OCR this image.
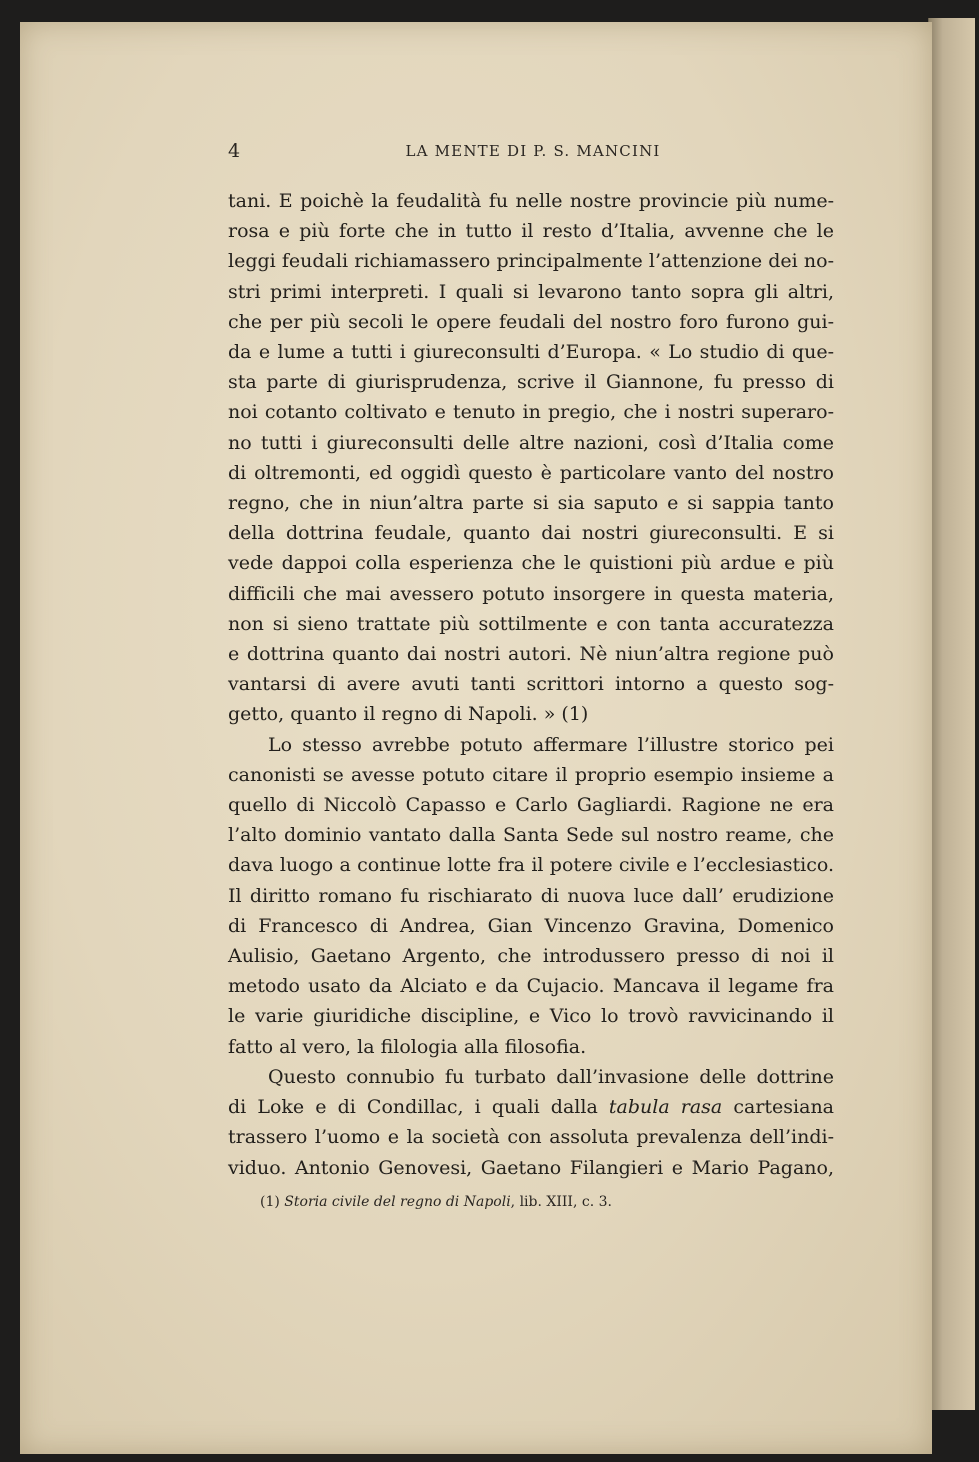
4	LA MENTE DI P. S. MANCINI
tani. E poichè la feudalità fu nelle nostre provincie più nume-
rosa e più forte che in tutto il resto d’Italia, avvenne che le
leggi feudali richiamassero principalmente l’attenzione dei no-
stri primi interpreti. I quali si levarono tanto sopra gli altri,
che per più secoli le opere feudali del nostro foro furono gui-
da e lume a tutti i giureconsulti d’Europa. « Lo studio di que-
sta parte di giurisprudenza, scrive il Giannone, fu presso di
noi cotanto coltivato e tenuto in pregio, che i nostri superaro-
no tutti i giureconsulti delle altre nazioni, così d’Italia come
di oltremonti, ed oggidì questo è particolare vanto del nostro
regno, che in niun’altra parte si sia saputo e si sappia tanto
della dottrina feudale, quanto dai nostri giureconsulti. E si
vede dappoi colla esperienza che le quistioni più ardue e più
difficili che mai avessero potuto insorgere in questa materia,
non si sieno trattate più sottilmente e con tanta accuratezza
e dottrina quanto dai nostri autori. Nè niun’altra regione può
vantarsi di avere avuti tanti scrittori intorno a questo sog-
getto, quanto il regno di Napoli. » (1)
Lo stesso avrebbe potuto affermare l’illustre storico pei
canonisti se avesse potuto citare il proprio esempio insieme a
quello di Niccolò Capasso e Carlo Gagliardi. Ragione ne era
l’alto dominio vantato dalla Santa Sede sul nostro reame, che
dava luogo a continue lotte fra il potere civile e l’ecclesiastico.
Il diritto romano fu rischiarato di nuova luce dall’ erudizione
di Francesco di Andrea, Gian Vincenzo Gravina, Domenico
Aulisio, Gaetano Argento, che introdussero presso di noi il
metodo usato da Alciato e da Cujacio. Mancava il legame fra
le varie giuridiche discipline, e Vico lo trovò ravvicinando il
fatto al vero, la filologia alla filosofia.
Questo connubio fu turbato dall’invasione delle dottrine
di Loke e di Condillac, i quali dalla tabula rasa cartesiana
trassero l’uomo e la società con assoluta prevalenza dell’indi-
viduo. Antonio Genovesi, Gaetano Filangieri e Mario Pagano,
(1) Storia civile del regno di Napoli, lib. XIII, c. 3.
